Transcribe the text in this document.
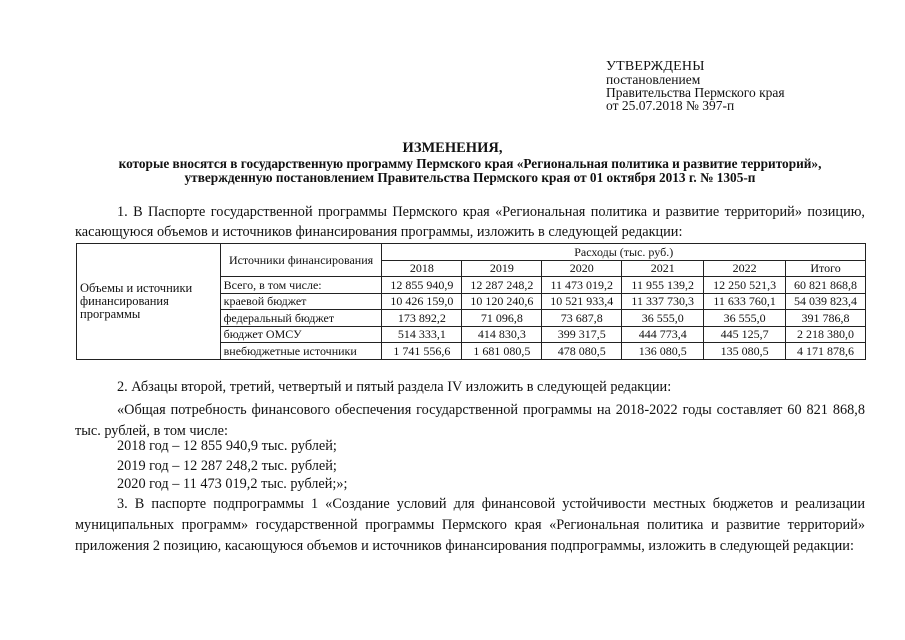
УТВЕРЖДЕНЫ
постановлением
Правительства Пермского края
от 25.07.2018 № 397-п
ИЗМЕНЕНИЯ,
которые вносятся в государственную программу Пермского края «Региональная политика и развитие территорий», утвержденную постановлением Правительства Пермского края от 01 октября 2013 г. № 1305-п
1. В Паспорте государственной программы Пермского края «Региональная политика и развитие территорий» позицию, касающуюся объемов и источников финансирования программы, изложить в следующей редакции:
Объемы и источники финансирования программы	Источники финансирования	Расходы (тыс. руб.)					
		2018	2019	2020	2021	2022	Итого
	Всего, в том числе:	12 855 940,9	12 287 248,2	11 473 019,2	11 955 139,2	12 250 521,3	60 821 868,8
	краевой бюджет	10 426 159,0	10 120 240,6	10 521 933,4	11 337 730,3	11 633 760,1	54 039 823,4
	федеральный бюджет	173 892,2	71 096,8	73 687,8	36 555,0	36 555,0	391 786,8
	бюджет ОМСУ	514 333,1	414 830,3	399 317,5	444 773,4	445 125,7	2 218 380,0
	внебюджетные источники	1 741 556,6	1 681 080,5	478 080,5	136 080,5	135 080,5	4 171 878,6
2. Абзацы второй, третий, четвертый и пятый раздела IV изложить в следующей редакции:
«Общая потребность финансового обеспечения государственной программы на 2018-2022 годы составляет 60 821 868,8 тыс. рублей, в том числе:
2018 год – 12 855 940,9 тыс. рублей;
2019 год – 12 287 248,2 тыс. рублей;
2020 год – 11 473 019,2 тыс. рублей;»;
3. В паспорте подпрограммы 1 «Создание условий для финансовой устойчивости местных бюджетов и реализации муниципальных программ» государственной программы Пермского края «Региональная политика и развитие территорий» приложения 2 позицию, касающуюся объемов и источников финансирования подпрограммы, изложить в следующей редакции:
